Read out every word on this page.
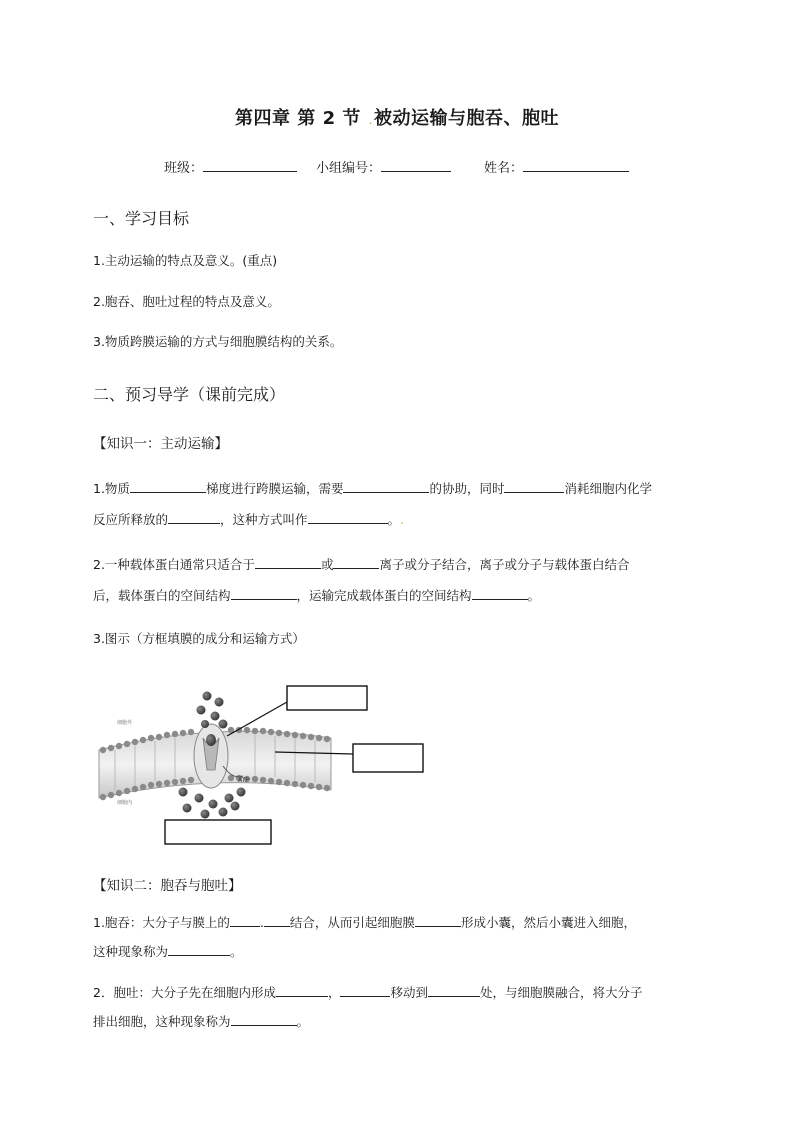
第四章 第 2 节 .被动运输与胞吞、胞吐
班级：	小组编号：	姓名：
一、学习目标
1.主动运输的特点及意义。(重点)
2.胞吞、胞吐过程的特点及意义。
3.物质跨膜运输的方式与细胞膜结构的关系。
二、预习导学（课前完成）
【知识一：主动运输】
1.物质	梯度进行跨膜运输，需要	的协助，同时	消耗细胞内化学
反应所释放的	，这种方式叫作	。.
2.一种载体蛋白通常只适合于	或	离子或分子结合，离子或分子与载体蛋白结合
后，载体蛋白的空间结构	，运输完成载体蛋白的空间结构	。
3.图示（方框填膜的成分和运输方式）
ATP
细胞外
细胞内
【知识二：胞吞与胞吐】
1.胞吞：大分子与膜上的 . 结合，从而引起细胞膜	形成小囊，然后小囊进入细胞，
这种现象称为	。
2．胞吐：大分子先在细胞内形成	，	移动到	处，与细胞膜融合，将大分子
排出细胞，这种现象称为	。
